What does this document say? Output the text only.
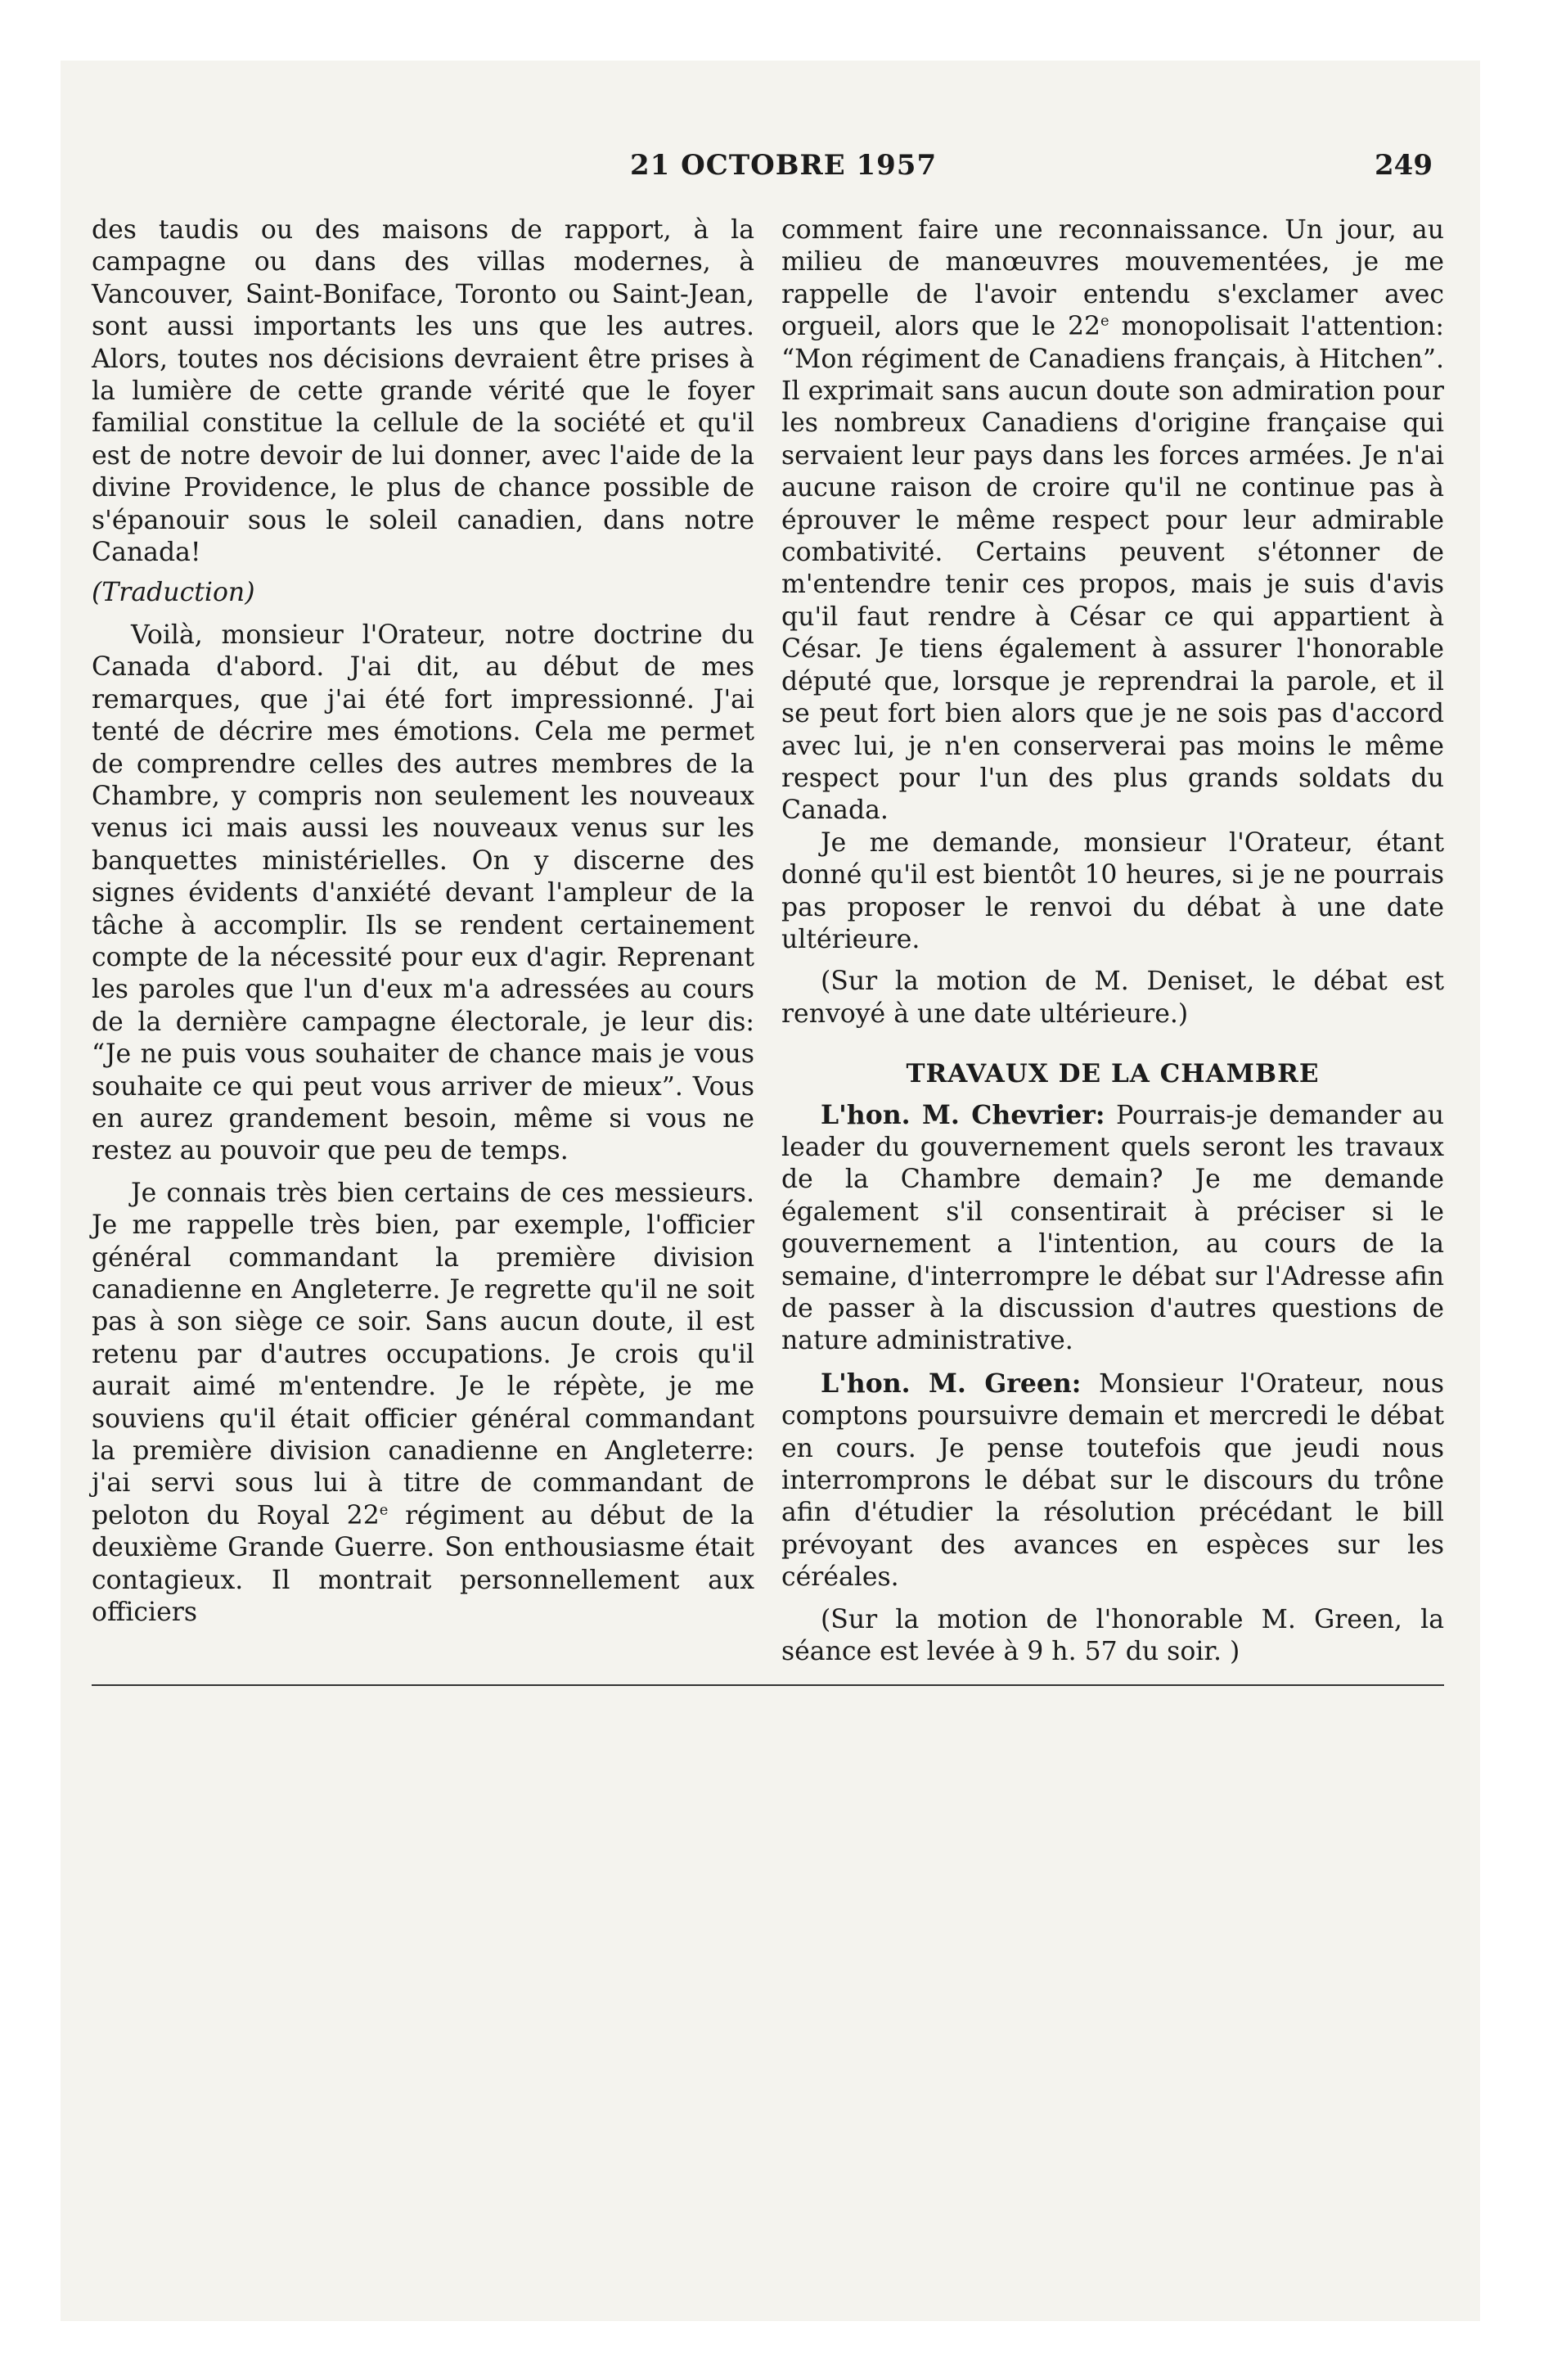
21 OCTOBRE 1957	249

des taudis ou des maisons de rapport, à la campagne ou dans des villas modernes, à Vancouver, Saint-Boniface, Toronto ou Saint-Jean, sont aussi importants les uns que les autres. Alors, toutes nos décisions devraient être prises à la lumière de cette grande vérité que le foyer familial constitue la cellule de la société et qu'il est de notre devoir de lui donner, avec l'aide de la divine Providence, le plus de chance possible de s'épanouir sous le soleil canadien, dans notre Canada!

(Traduction)

Voilà, monsieur l'Orateur, notre doctrine du Canada d'abord. J'ai dit, au début de mes remarques, que j'ai été fort impressionné. J'ai tenté de décrire mes émotions. Cela me permet de comprendre celles des autres membres de la Chambre, y compris non seulement les nouveaux venus ici mais aussi les nouveaux venus sur les banquettes ministérielles. On y discerne des signes évidents d'anxiété devant l'ampleur de la tâche à accomplir. Ils se rendent certainement compte de la nécessité pour eux d'agir. Reprenant les paroles que l'un d'eux m'a adressées au cours de la dernière campagne électorale, je leur dis: “Je ne puis vous souhaiter de chance mais je vous souhaite ce qui peut vous arriver de mieux”. Vous en aurez grandement besoin, même si vous ne restez au pouvoir que peu de temps.

Je connais très bien certains de ces messieurs. Je me rappelle très bien, par exemple, l'officier général commandant la première division canadienne en Angleterre. Je regrette qu'il ne soit pas à son siège ce soir. Sans aucun doute, il est retenu par d'autres occupations. Je crois qu'il aurait aimé m'entendre. Je le répète, je me souviens qu'il était officier général commandant la première division canadienne en Angleterre: j'ai servi sous lui à titre de commandant de peloton du Royal 22e régiment au début de la deuxième Grande Guerre. Son enthousiasme était contagieux. Il montrait personnellement aux officiers

comment faire une reconnaissance. Un jour, au milieu de manœuvres mouvementées, je me rappelle de l'avoir entendu s'exclamer avec orgueil, alors que le 22e monopolisait l'attention: “Mon régiment de Canadiens français, à Hitchen”. Il exprimait sans aucun doute son admiration pour les nombreux Canadiens d'origine française qui servaient leur pays dans les forces armées. Je n'ai aucune raison de croire qu'il ne continue pas à éprouver le même respect pour leur admirable combativité. Certains peuvent s'étonner de m'entendre tenir ces propos, mais je suis d'avis qu'il faut rendre à César ce qui appartient à César. Je tiens également à assurer l'honorable député que, lorsque je reprendrai la parole, et il se peut fort bien alors que je ne sois pas d'accord avec lui, je n'en conserverai pas moins le même respect pour l'un des plus grands soldats du Canada.

Je me demande, monsieur l'Orateur, étant donné qu'il est bientôt 10 heures, si je ne pourrais pas proposer le renvoi du débat à une date ultérieure.

(Sur la motion de M. Deniset, le débat est renvoyé à une date ultérieure.)

TRAVAUX DE LA CHAMBRE

L'hon. M. Chevrier: Pourrais-je demander au leader du gouvernement quels seront les travaux de la Chambre demain? Je me demande également s'il consentirait à préciser si le gouvernement a l'intention, au cours de la semaine, d'interrompre le débat sur l'Adresse afin de passer à la discussion d'autres questions de nature administrative.

L'hon. M. Green: Monsieur l'Orateur, nous comptons poursuivre demain et mercredi le débat en cours. Je pense toutefois que jeudi nous interromprons le débat sur le discours du trône afin d'étudier la résolution précédant le bill prévoyant des avances en espèces sur les céréales.

(Sur la motion de l'honorable M. Green, la séance est levée à 9 h. 57 du soir. )
